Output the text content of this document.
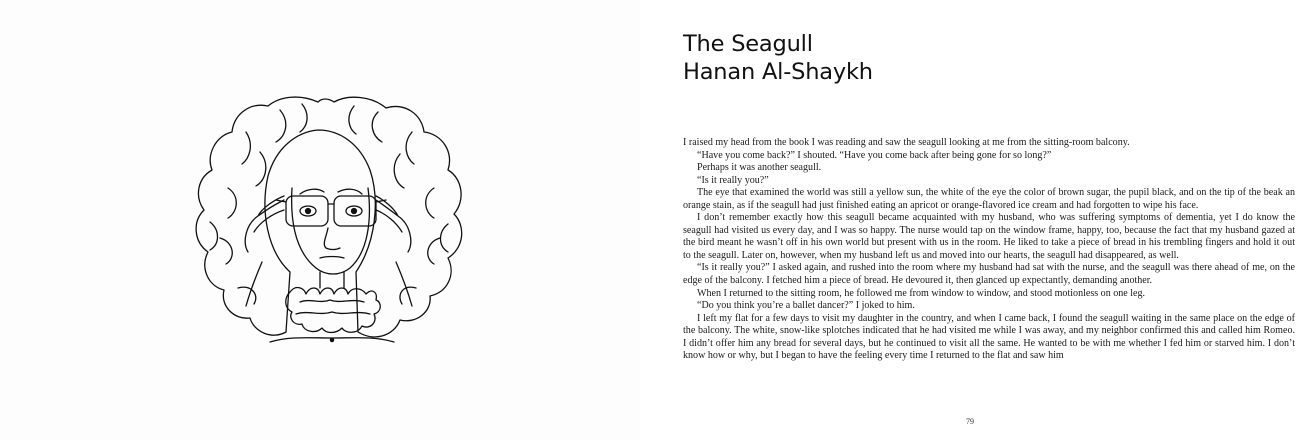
The Seagull
Hanan Al-Shaykh

I raised my head from the book I was reading and saw the seagull looking at me from the sitting-room balcony.

“Have you come back?” I shouted. “Have you come back after being gone for so long?”

Perhaps it was another seagull.

“Is it really you?”

The eye that examined the world was still a yellow sun, the white of the eye the color of brown sugar, the pupil black, and on the tip of the beak an orange stain, as if the seagull had just finished eating an apricot or orange-flavored ice cream and had forgotten to wipe his face.

I don’t remember exactly how this seagull became acquainted with my husband, who was suffering symptoms of dementia, yet I do know the seagull had visited us every day, and I was so happy. The nurse would tap on the window frame, happy, too, because the fact that my husband gazed at the bird meant he wasn’t off in his own world but present with us in the room. He liked to take a piece of bread in his trembling fingers and hold it out to the seagull. Later on, however, when my husband left us and moved into our hearts, the seagull had disappeared, as well.

“Is it really you?” I asked again, and rushed into the room where my husband had sat with the nurse, and the seagull was there ahead of me, on the edge of the balcony. I fetched him a piece of bread. He devoured it, then glanced up expectantly, demanding another.

When I returned to the sitting room, he followed me from window to window, and stood motionless on one leg.

“Do you think you’re a ballet dancer?” I joked to him.

I left my flat for a few days to visit my daughter in the country, and when I came back, I found the seagull waiting in the same place on the edge of the balcony. The white, snow-like splotches indicated that he had visited me while I was away, and my neighbor confirmed this and called him Romeo. I didn’t offer him any bread for several days, but he continued to visit all the same. He wanted to be with me whether I fed him or starved him. I don’t know how or why, but I began to have the feeling every time I returned to the flat and saw him

79
